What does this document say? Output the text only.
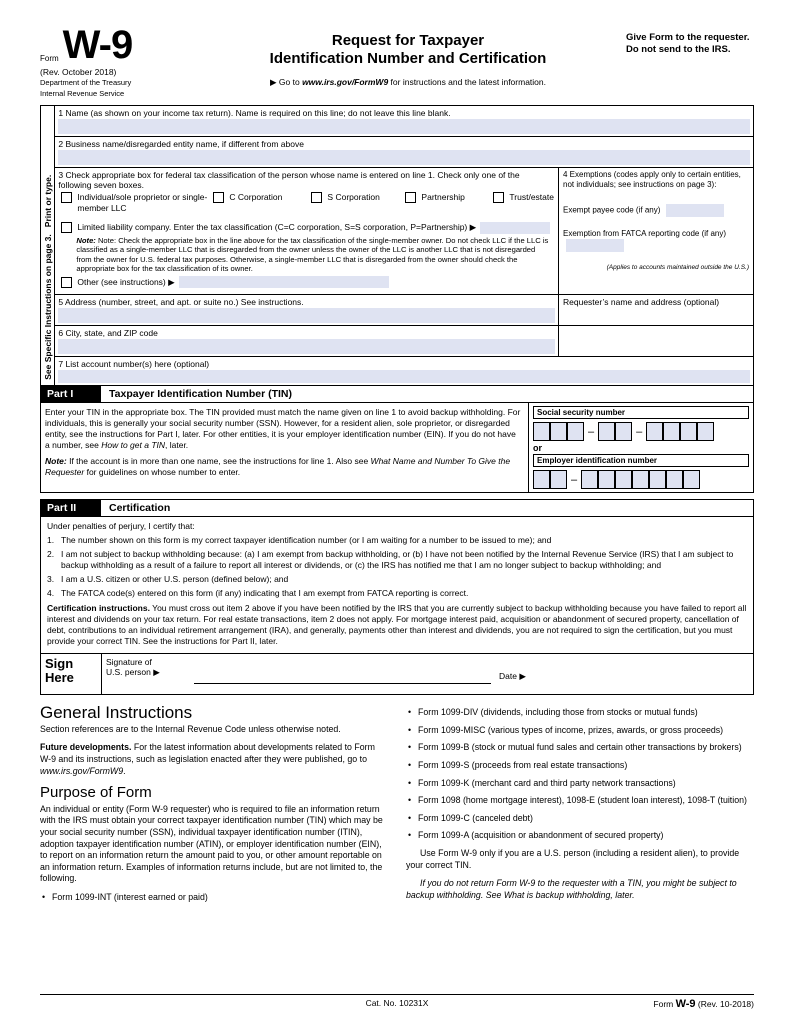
Form W-9
(Rev. October 2018)
Department of the Treasury
Internal Revenue Service
Request for Taxpayer
Identification Number and Certification
▶ Go to www.irs.gov/FormW9 for instructions and the latest information.
Give Form to the requester. Do not send to the IRS.
Print or type.
See Specific Instructions on page 3.
1 Name (as shown on your income tax return). Name is required on this line; do not leave this line blank.
2 Business name/disregarded entity name, if different from above
3 Check appropriate box for federal tax classification of the person whose name is entered on line 1. Check only one of the following seven boxes.
Individual/sole proprietor or single-member LLC
C Corporation	S Corporation	Partnership	Trust/estate
Limited liability company. Enter the tax classification (C=C corporation, S=S corporation, P=Partnership) ▶
Note: Note: Check the appropriate box in the line above for the tax classification of the single-member owner. Do not check LLC if the LLC is classified as a single-member LLC that is disregarded from the owner unless the owner of the LLC is another LLC that is not disregarded from the owner for U.S. federal tax purposes. Otherwise, a single-member LLC that is disregarded from the owner should check the appropriate box for the tax classification of its owner.
Other (see instructions) ▶
4 Exemptions (codes apply only to certain entities, not individuals; see instructions on page 3):
Exempt payee code (if any)
Exemption from FATCA reporting code (if any)
(Applies to accounts maintained outside the U.S.)
5 Address (number, street, and apt. or suite no.) See instructions.	Requester’s name and address (optional)
6 City, state, and ZIP code
7 List account number(s) here (optional)
Part I	Taxpayer Identification Number (TIN)
Enter your TIN in the appropriate box. The TIN provided must match the name given on line 1 to avoid backup withholding. For individuals, this is generally your social security number (SSN). However, for a resident alien, sole proprietor, or disregarded entity, see the instructions for Part I, later. For other entities, it is your employer identification number (EIN). If you do not have a number, see How to get a TIN, later.
Note: If the account is in more than one name, see the instructions for line 1. Also see What Name and Number To Give the Requester for guidelines on whose number to enter.
Social security number
–	–
or
Employer identification number
–
Part II	Certification
Under penalties of perjury, I certify that:
1. The number shown on this form is my correct taxpayer identification number (or I am waiting for a number to be issued to me); and
2. I am not subject to backup withholding because: (a) I am exempt from backup withholding, or (b) I have not been notified by the Internal Revenue Service (IRS) that I am subject to backup withholding as a result of a failure to report all interest or dividends, or (c) the IRS has notified me that I am no longer subject to backup withholding; and
3. I am a U.S. citizen or other U.S. person (defined below); and
4. The FATCA code(s) entered on this form (if any) indicating that I am exempt from FATCA reporting is correct.
Certification instructions. You must cross out item 2 above if you have been notified by the IRS that you are currently subject to backup withholding because you have failed to report all interest and dividends on your tax return. For real estate transactions, item 2 does not apply. For mortgage interest paid, acquisition or abandonment of secured property, cancellation of debt, contributions to an individual retirement arrangement (IRA), and generally, payments other than interest and dividends, you are not required to sign the certification, but you must provide your correct TIN. See the instructions for Part II, later.
Sign
Here
Signature of
U.S. person ▶	Date ▶
General Instructions
Section references are to the Internal Revenue Code unless otherwise noted.
Future developments. For the latest information about developments related to Form W-9 and its instructions, such as legislation enacted after they were published, go to www.irs.gov/FormW9.
Purpose of Form
An individual or entity (Form W-9 requester) who is required to file an information return with the IRS must obtain your correct taxpayer identification number (TIN) which may be your social security number (SSN), individual taxpayer identification number (ITIN), adoption taxpayer identification number (ATIN), or employer identification number (EIN), to report on an information return the amount paid to you, or other amount reportable on an information return. Examples of information returns include, but are not limited to, the following.
• Form 1099-INT (interest earned or paid)
• Form 1099-DIV (dividends, including those from stocks or mutual funds)
• Form 1099-MISC (various types of income, prizes, awards, or gross proceeds)
• Form 1099-B (stock or mutual fund sales and certain other transactions by brokers)
• Form 1099-S (proceeds from real estate transactions)
• Form 1099-K (merchant card and third party network transactions)
• Form 1098 (home mortgage interest), 1098-E (student loan interest), 1098-T (tuition)
• Form 1099-C (canceled debt)
• Form 1099-A (acquisition or abandonment of secured property)
Use Form W-9 only if you are a U.S. person (including a resident alien), to provide your correct TIN.
If you do not return Form W-9 to the requester with a TIN, you might be subject to backup withholding. See What is backup withholding, later.
Cat. No. 10231X	Form W-9 (Rev. 10-2018)
